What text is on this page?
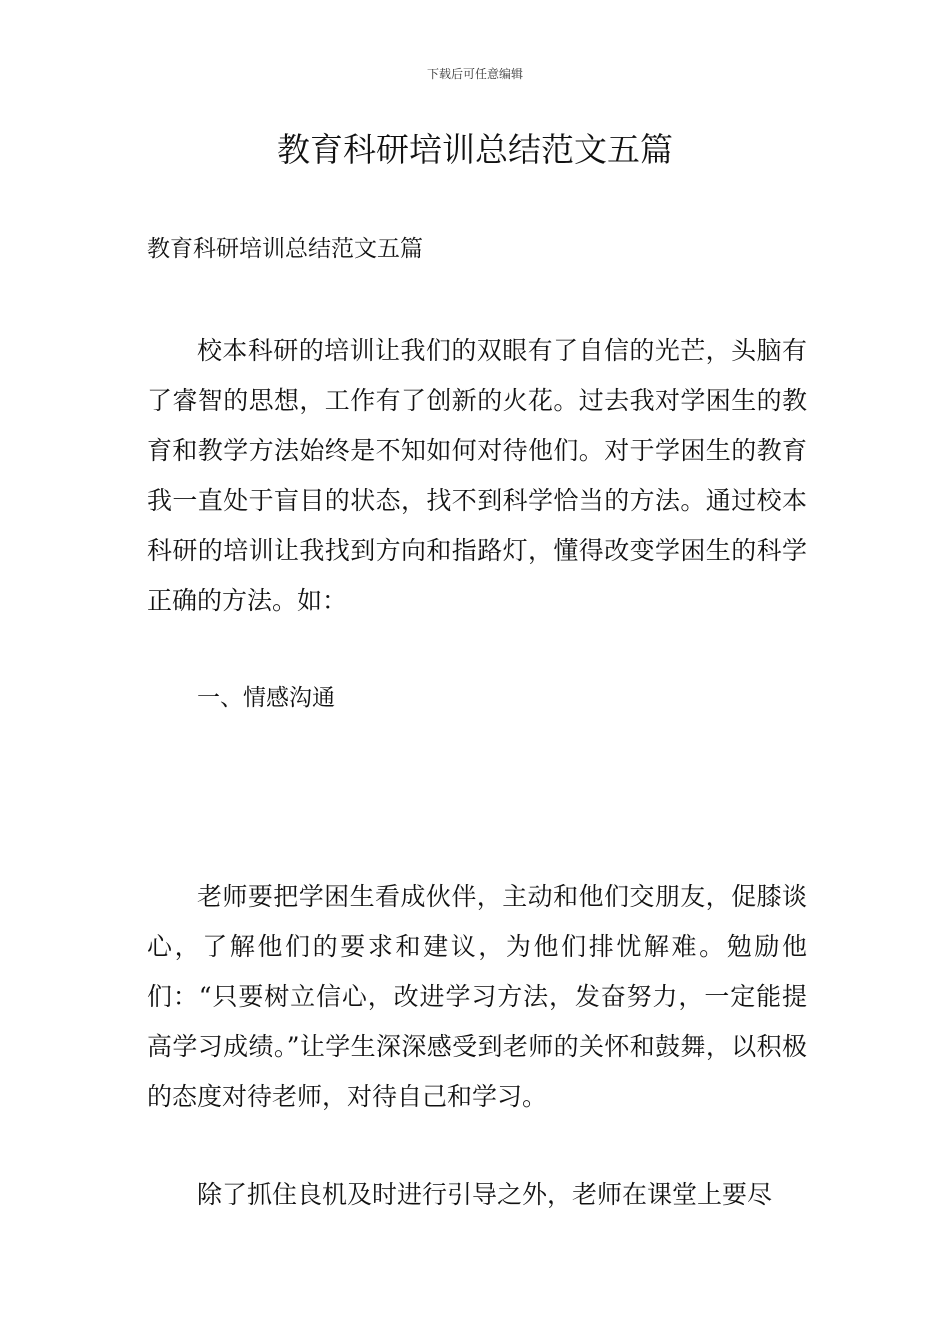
下载后可任意编辑
教育科研培训总结范文五篇
教育科研培训总结范文五篇

校本科研的培训让我们的双眼有了自信的光芒，头脑有了睿智的思想，工作有了创新的火花。过去我对学困生的教育和教学方法始终是不知如何对待他们。对于学困生的教育我一直处于盲目的状态，找不到科学恰当的方法。通过校本科研的培训让我找到方向和指路灯，懂得改变学困生的科学正确的方法。如：

一、情感沟通

老师要把学困生看成伙伴，主动和他们交朋友，促膝谈心，了解他们的要求和建议，为他们排忧解难。勉励他们：“只要树立信心，改进学习方法，发奋努力，一定能提高学习成绩。”让学生深深感受到老师的关怀和鼓舞，以积极的态度对待老师，对待自己和学习。

除了抓住良机及时进行引导之外，老师在课堂上要尽
